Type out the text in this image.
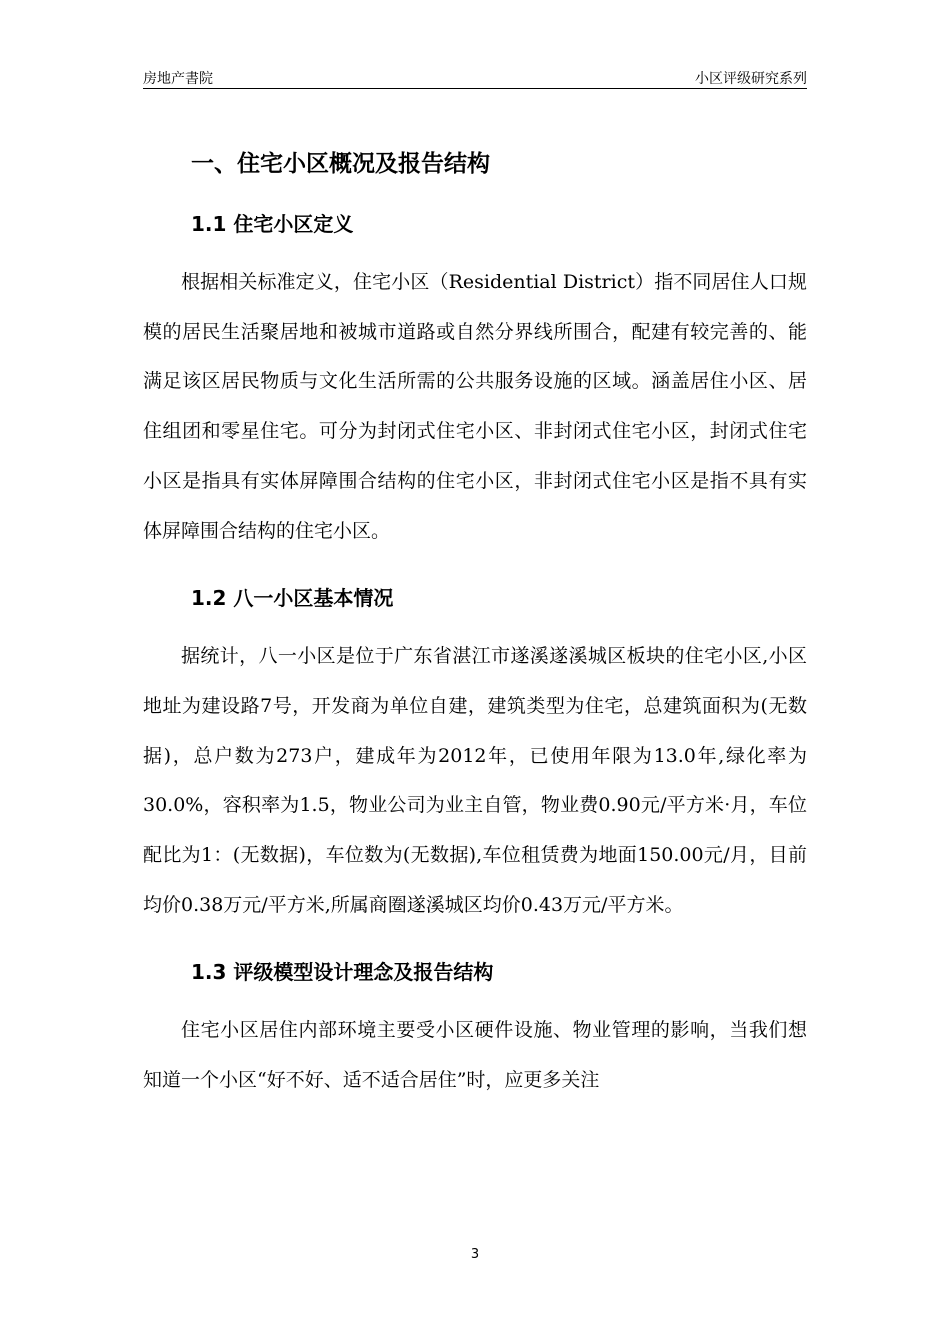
房地产書院	小区评级研究系列
一、住宅小区概况及报告结构
1.1 住宅小区定义

根据相关标准定义，住宅小区（Residential District）指不同居住人口规模的居民生活聚居地和被城市道路或自然分界线所围合，配建有较完善的、能满足该区居民物质与文化生活所需的公共服务设施的区域。涵盖居住小区、居住组团和零星住宅。可分为封闭式住宅小区、非封闭式住宅小区，封闭式住宅小区是指具有实体屏障围合结构的住宅小区，非封闭式住宅小区是指不具有实体屏障围合结构的住宅小区。

1.2 八一小区基本情况

据统计，八一小区是位于广东省湛江市遂溪遂溪城区板块的住宅小区,小区地址为建设路7号，开发商为单位自建，建筑类型为住宅，总建筑面积为(无数据)，总户数为273户，建成年为2012年，已使用年限为13.0年,绿化率为30.0%，容积率为1.5，物业公司为业主自管，物业费0.90元/平方米·月，车位配比为1：(无数据)，车位数为(无数据),车位租赁费为地面150.00元/月，目前均价0.38万元/平方米,所属商圈遂溪城区均价0.43万元/平方米。

1.3 评级模型设计理念及报告结构

住宅小区居住内部环境主要受小区硬件设施、物业管理的影响，当我们想知道一个小区“好不好、适不适合居住”时，应更多关注

3
